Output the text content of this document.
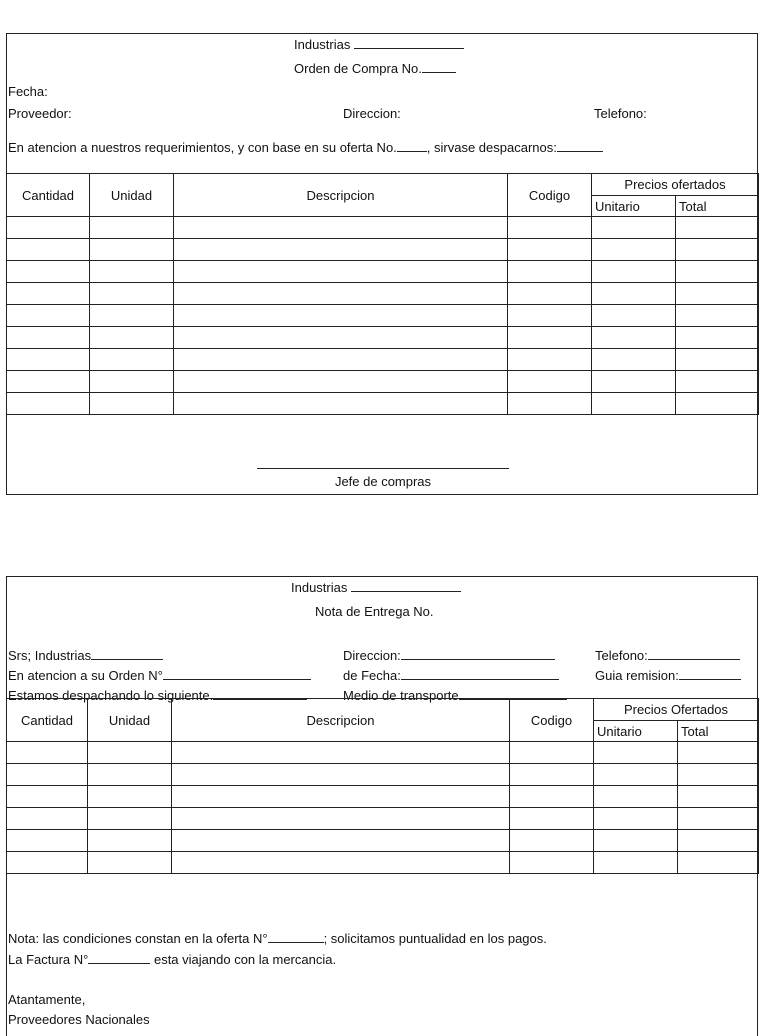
Industrias
Orden de Compra No.
Fecha:
Proveedor:	Direccion:	Telefono:
En atencion a nuestros requerimientos, y con base en su oferta No. , sirvase despacarnos:
Cantidad	Unidad	Descripcion	Codigo	Precios ofertados	
				Unitario	Total

Jefe de compras
Industrias
Nota de Entrega No.
Srs; Industrias
En atencion a su Orden N°
Estamos despachando lo siguiente.
Direccion:
de Fecha:
Medio de transporte
Telefono:
Guia remision:
Cantidad	Unidad	Descripcion	Codigo	Precios Ofertados	
				Unitario	Total

Nota: las condiciones constan en la oferta N°	; solicitamos puntualidad en los pagos.
La Factura N°	esta viajando con la mercancia.
Atantamente,
Proveedores Nacionales
